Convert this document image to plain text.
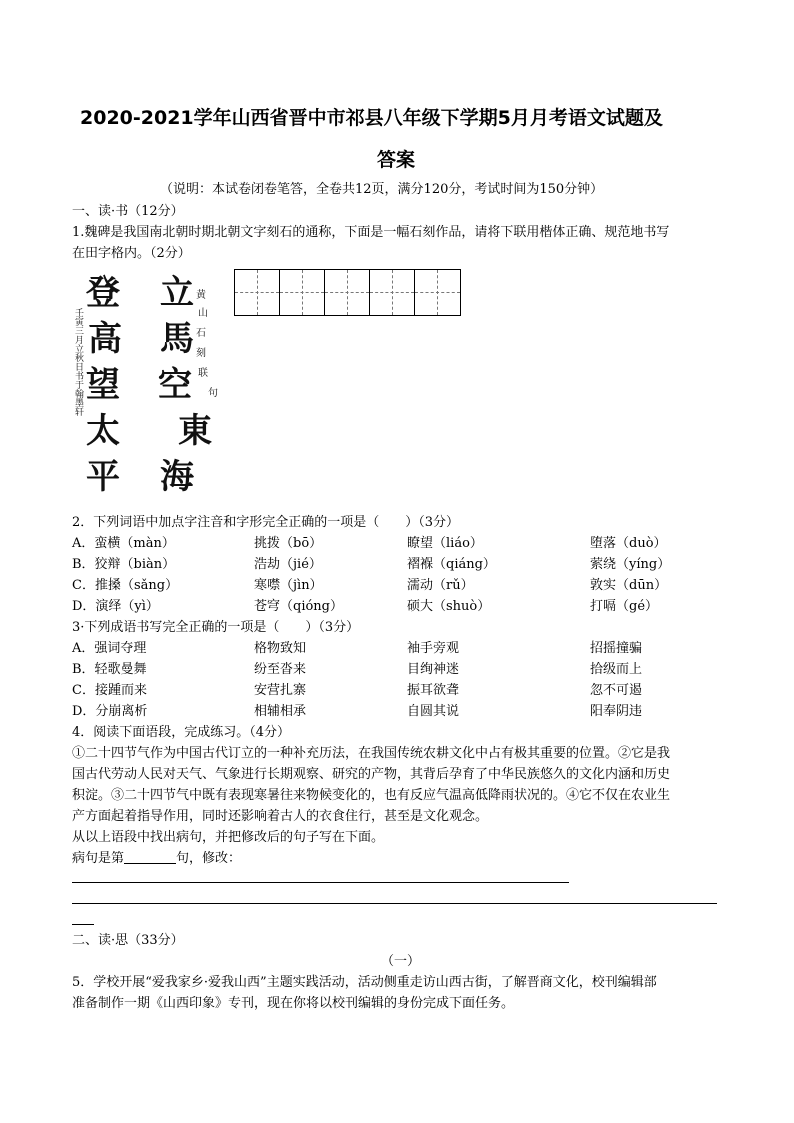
2020-2021学年山西省晋中市祁县八年级下学期5月月考语文试题及
答案
（说明：本试卷闭卷笔答，全卷共12页，满分120分，考试时间为150分钟）
一、读·书（12分）
1.魏碑是我国南北朝时期北朝文字刻石的通称，下面是一幅石刻作品，请将下联用楷体正确、规范地书写
在田字格内。（2分）
壬寅三月立秋日书于翰墨轩
登
高
望
太
平
立
馬
空
東
海
黄
山
石
刻
联
句
2．下列词语中加点字注音和字形完全正确的一项是（　　）（3分）
A．蛮横（màn）	挑拨（bō）	瞭望（liáo）	堕落（duò）
B．狡辩（biàn）	浩劫（jié）	褶褓（qiáng）	萦绕（yíng）
C．推搡（sǎng）	寒噤（jìn）	濡动（rǔ）	敦实（dūn）
D．演绎（yì）	苍穹（qióng）	硕大（shuò）	打嗝（gé）
3·下列成语书写完全正确的一项是（　　）（3分）
A．强词夺理	格物致知	袖手旁观	招摇撞骗
B．轻歌曼舞	纷至沓来	目绚神迷	拾级而上
C．接踵而来	安营扎寨	振耳欲聋	忽不可遏
D．分崩离析	相辅相承	自圆其说	阳奉阴违
4．阅读下面语段，完成练习。（4分）
①二十四节气作为中国古代订立的一种补充历法，在我国传统农耕文化中占有极其重要的位置。②它是我
国古代劳动人民对天气、气象进行长期观察、研究的产物，其背后孕育了中华民族悠久的文化内涵和历史
积淀。③二十四节气中既有表现寒暑往来物候变化的，也有反应气温高低降雨状况的。④它不仅在农业生
产方面起着指导作用，同时还影响着古人的衣食住行，甚至是文化观念。
从以上语段中找出病句，并把修改后的句子写在下面。
病句是第	句，修改：
二、读·思（33分）
（一）
5．学校开展“爱我家乡·爱我山西”主题实践活动，活动侧重走访山西古街，了解晋商文化，校刊编辑部
准备制作一期《山西印象》专刊，现在你将以校刊编辑的身份完成下面任务。
